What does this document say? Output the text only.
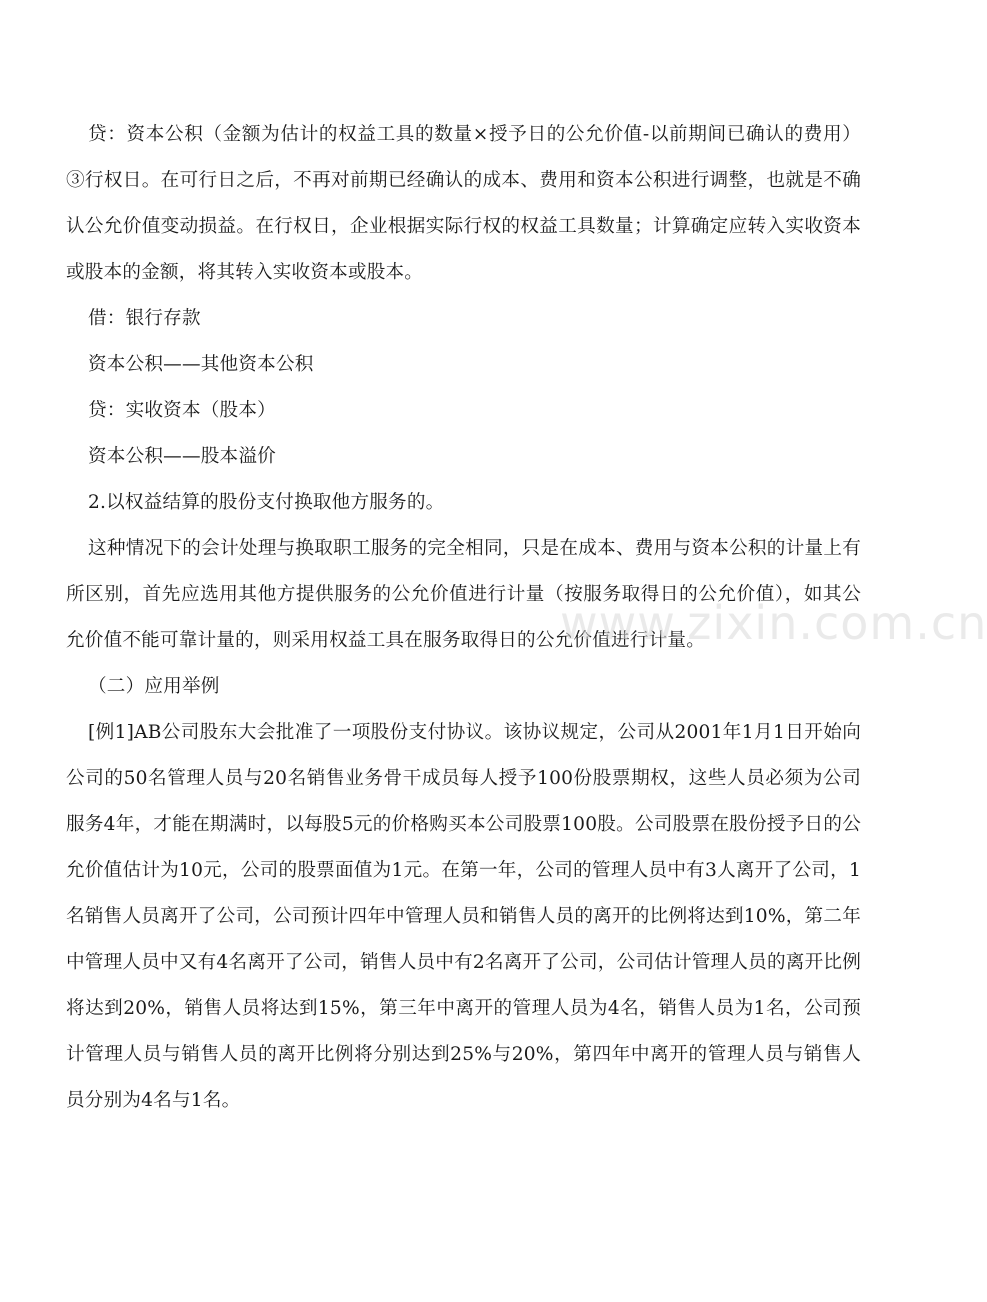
贷：资本公积（金额为估计的权益工具的数量×授予日的公允价值-以前期间已确认的费用）③行权日。在可行日之后，不再对前期已经确认的成本、费用和资本公积进行调整，也就是不确认公允价值变动损益。在行权日，企业根据实际行权的权益工具数量；计算确定应转入实收资本或股本的金额，将其转入实收资本或股本。

借：银行存款

资本公积——其他资本公积

贷：实收资本（股本）

资本公积——股本溢价

2.以权益结算的股份支付换取他方服务的。

这种情况下的会计处理与换取职工服务的完全相同，只是在成本、费用与资本公积的计量上有所区别，首先应选用其他方提供服务的公允价值进行计量（按服务取得日的公允价值），如其公允价值不能可靠计量的，则采用权益工具在服务取得日的公允价值进行计量。

（二）应用举例

[例1]AB公司股东大会批准了一项股份支付协议。该协议规定，公司从2001年1月1日开始向公司的50名管理人员与20名销售业务骨干成员每人授予100份股票期权，这些人员必须为公司服务4年，才能在期满时，以每股5元的价格购买本公司股票100股。公司股票在股份授予日的公允价值估计为10元，公司的股票面值为1元。在第一年，公司的管理人员中有3人离开了公司，1名销售人员离开了公司，公司预计四年中管理人员和销售人员的离开的比例将达到10%，第二年中管理人员中又有4名离开了公司，销售人员中有2名离开了公司，公司估计管理人员的离开比例将达到20%，销售人员将达到15%，第三年中离开的管理人员为4名，销售人员为1名，公司预计管理人员与销售人员的离开比例将分别达到25%与20%，第四年中离开的管理人员与销售人员分别为4名与1名。

www.zixin.com.cn
